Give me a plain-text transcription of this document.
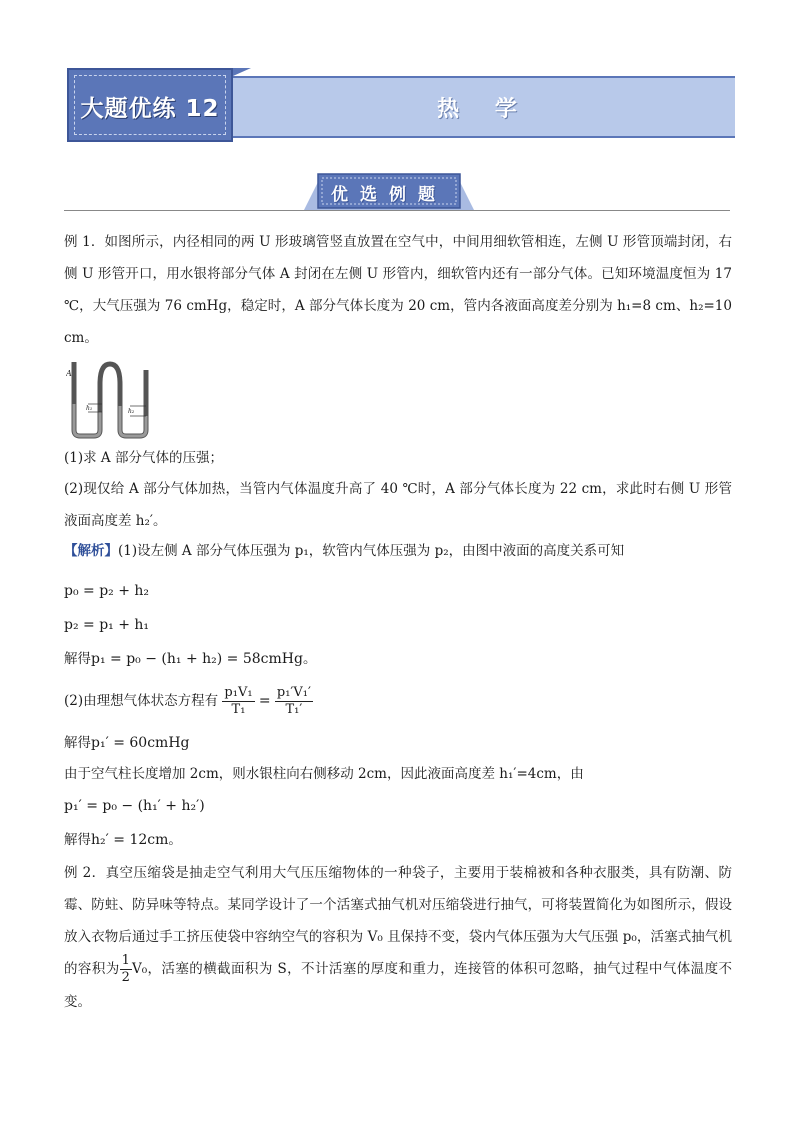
大题优练 12	热 学
优选例题

例 1．如图所示，内径相同的两 U 形玻璃管竖直放置在空气中，中间用细软管相连，左侧 U 形管顶端封闭，右侧 U 形管开口，用水银将部分气体 A 封闭在左侧 U 形管内，细软管内还有一部分气体。已知环境温度恒为 17 ℃，大气压强为 76 cmHg，稳定时，A 部分气体长度为 20 cm，管内各液面高度差分别为 h₁=8 cm、h₂=10 cm。

A
h₁	h₂

(1)求 A 部分气体的压强；

(2)现仅给 A 部分气体加热，当管内气体温度升高了 40 ℃时，A 部分气体长度为 22 cm，求此时右侧 U 形管液面高度差 h₂′。

【解析】(1)设左侧 A 部分气体压强为 p₁，软管内气体压强为 p₂，由图中液面的高度关系可知

p₀ = p₂ + h₂

p₂ = p₁ + h₁

解得p₁ = p₀ − (h₁ + h₂) = 58cmHg。

(2)由理想气体状态方程有 $\frac{\text{p₁V₁}}{\text{T₁}} = \frac{\text{p₁′V₁′}}{\text{T₁′}}$

解得p₁′ = 60cmHg

由于空气柱长度增加 2cm，则水银柱向右侧移动 2cm，因此液面高度差 h₁′=4cm，由

p₁′ = p₀ − (h₁′ + h₂′)

解得h₂′ = 12cm。

例 2．真空压缩袋是抽走空气利用大气压压缩物体的一种袋子，主要用于装棉被和各种衣服类，具有防潮、防霉、防蛀、防异味等特点。某同学设计了一个活塞式抽气机对压缩袋进行抽气，可将装置简化为如图所示，假设放入衣物后通过手工挤压使袋中容纳空气的容积为 V₀ 且保持不变，袋内气体压强为大气压强 p₀，活塞式抽气机的容积为 $\frac{1}{2} V_0$，活塞的横截面积为 S，不计活塞的厚度和重力，连接管的体积可忽略，抽气过程中气体温度不变。
